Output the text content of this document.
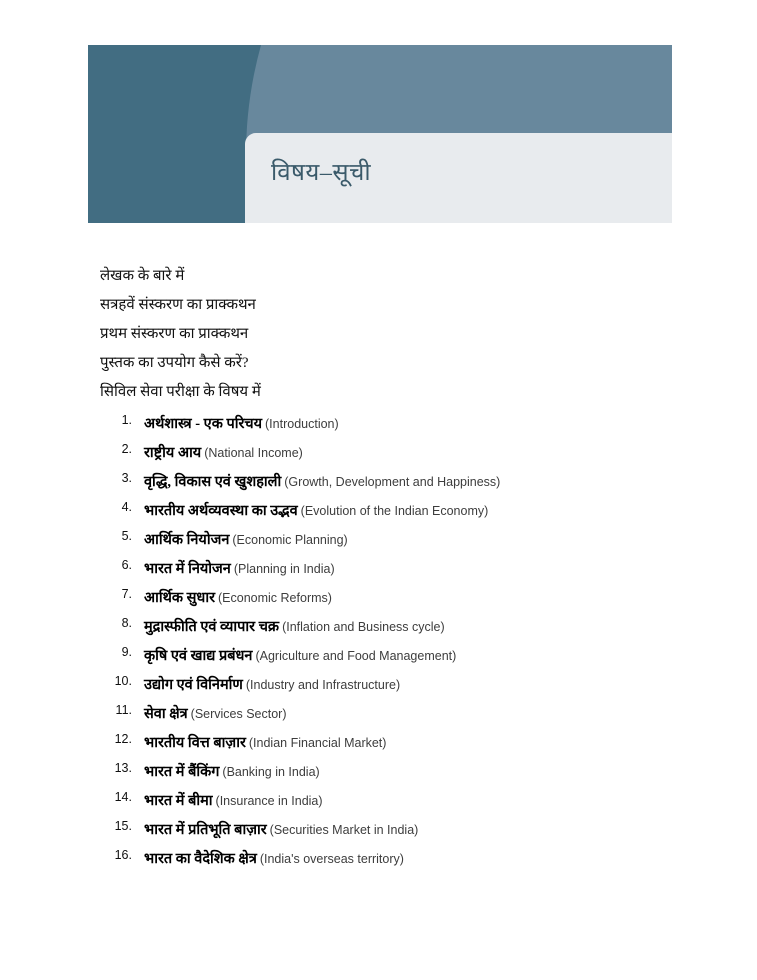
विषय–सूची
लेखक के बारे में
सत्रहवें संस्करण का प्राक्कथन
प्रथम संस्करण का प्राक्कथन
पुस्तक का उपयोग कैसे करें?
सिविल सेवा परीक्षा के विषय में
1. अर्थशास्त्र - एक परिचय (Introduction)
2. राष्ट्रीय आय (National Income)
3. वृद्धि, विकास एवं खुशहाली (Growth, Development and Happiness)
4. भारतीय अर्थव्यवस्था का उद्भव (Evolution of the Indian Economy)
5. आर्थिक नियोजन (Economic Planning)
6. भारत में नियोजन (Planning in India)
7. आर्थिक सुधार (Economic Reforms)
8. मुद्रास्फीति एवं व्यापार चक्र (Inflation and Business cycle)
9. कृषि एवं खाद्य प्रबंधन (Agriculture and Food Management)
10. उद्योग एवं विनिर्माण (Industry and Infrastructure)
11. सेवा क्षेत्र (Services Sector)
12. भारतीय वित्त बाज़ार (Indian Financial Market)
13. भारत में बैंकिंग (Banking in India)
14. भारत में बीमा (Insurance in India)
15. भारत में प्रतिभूति बाज़ार (Securities Market in India)
16. भारत का वैदेशिक क्षेत्र (India's overseas territory)
